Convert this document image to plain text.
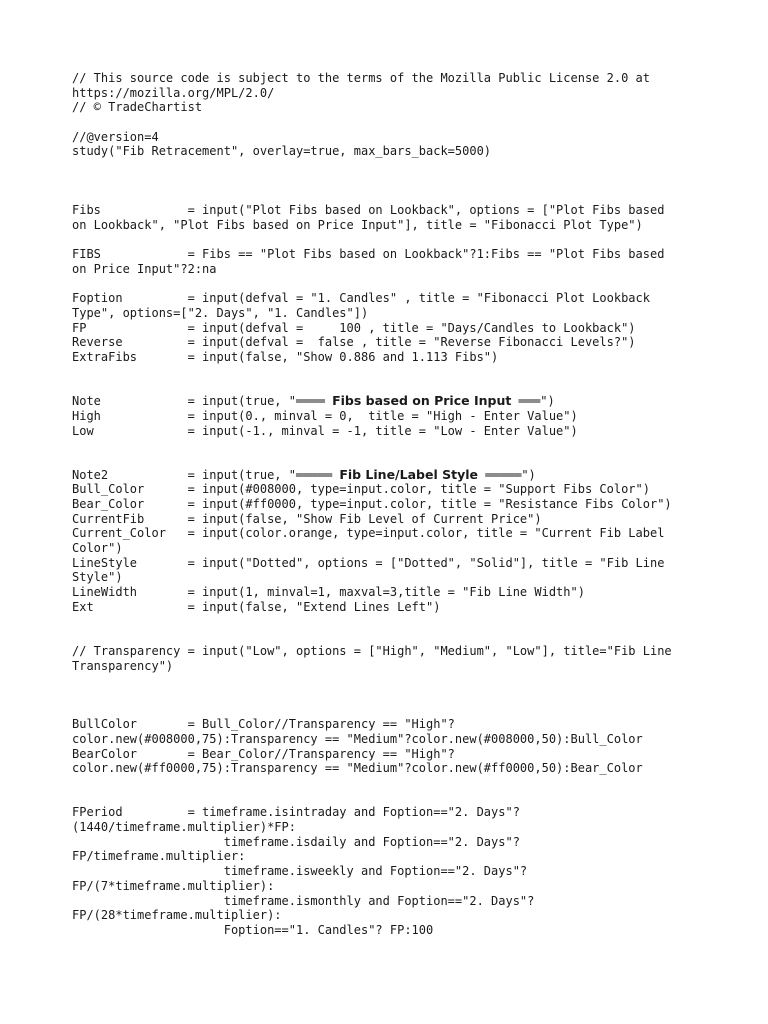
// This source code is subject to the terms of the Mozilla Public License 2.0 at
https://mozilla.org/MPL/2.0/
// © TradeChartist
//@version=4
study("Fib Retracement", overlay=true, max_bars_back=5000)
Fibs            = input("Plot Fibs based on Lookback", options = ["Plot Fibs based
on Lookback", "Plot Fibs based on Price Input"], title = "Fibonacci Plot Type")
FIBS            = Fibs == "Plot Fibs based on Lookback"?1:Fibs == "Plot Fibs based
on Price Input"?2:na
Foption         = input(defval = "1. Candles" , title = "Fibonacci Plot Lookback
Type", options=["2. Days", "1. Candles"])
FP              = input(defval =     100 , title = "Days/Candles to Lookback")
Reverse         = input(defval =  false , title = "Reverse Fibonacci Levels?")
ExtraFibs       = input(false, "Show 0.886 and 1.113 Fibs")
Note            = input(true, "════ Fibs based on Price Input ═══")
High            = input(0., minval = 0,  title = "High - Enter Value")
Low             = input(-1., minval = -1, title = "Low - Enter Value")
Note2           = input(true, "═════ Fib Line/Label Style ═════")
Bull_Color      = input(#008000, type=input.color, title = "Support Fibs Color")
Bear_Color      = input(#ff0000, type=input.color, title = "Resistance Fibs Color")
CurrentFib      = input(false, "Show Fib Level of Current Price")
Current_Color   = input(color.orange, type=input.color, title = "Current Fib Label
Color")
LineStyle       = input("Dotted", options = ["Dotted", "Solid"], title = "Fib Line
Style")
LineWidth       = input(1, minval=1, maxval=3,title = "Fib Line Width")
Ext             = input(false, "Extend Lines Left")
// Transparency = input("Low", options = ["High", "Medium", "Low"], title="Fib Line
Transparency")
BullColor       = Bull_Color//Transparency == "High"?
color.new(#008000,75):Transparency == "Medium"?color.new(#008000,50):Bull_Color
BearColor       = Bear_Color//Transparency == "High"?
color.new(#ff0000,75):Transparency == "Medium"?color.new(#ff0000,50):Bear_Color
FPeriod         = timeframe.isintraday and Foption=="2. Days"?
(1440/timeframe.multiplier)*FP:
timeframe.isdaily and Foption=="2. Days"?
FP/timeframe.multiplier:
timeframe.isweekly and Foption=="2. Days"?
FP/(7*timeframe.multiplier):
timeframe.ismonthly and Foption=="2. Days"?
FP/(28*timeframe.multiplier):
Foption=="1. Candles"? FP:100
